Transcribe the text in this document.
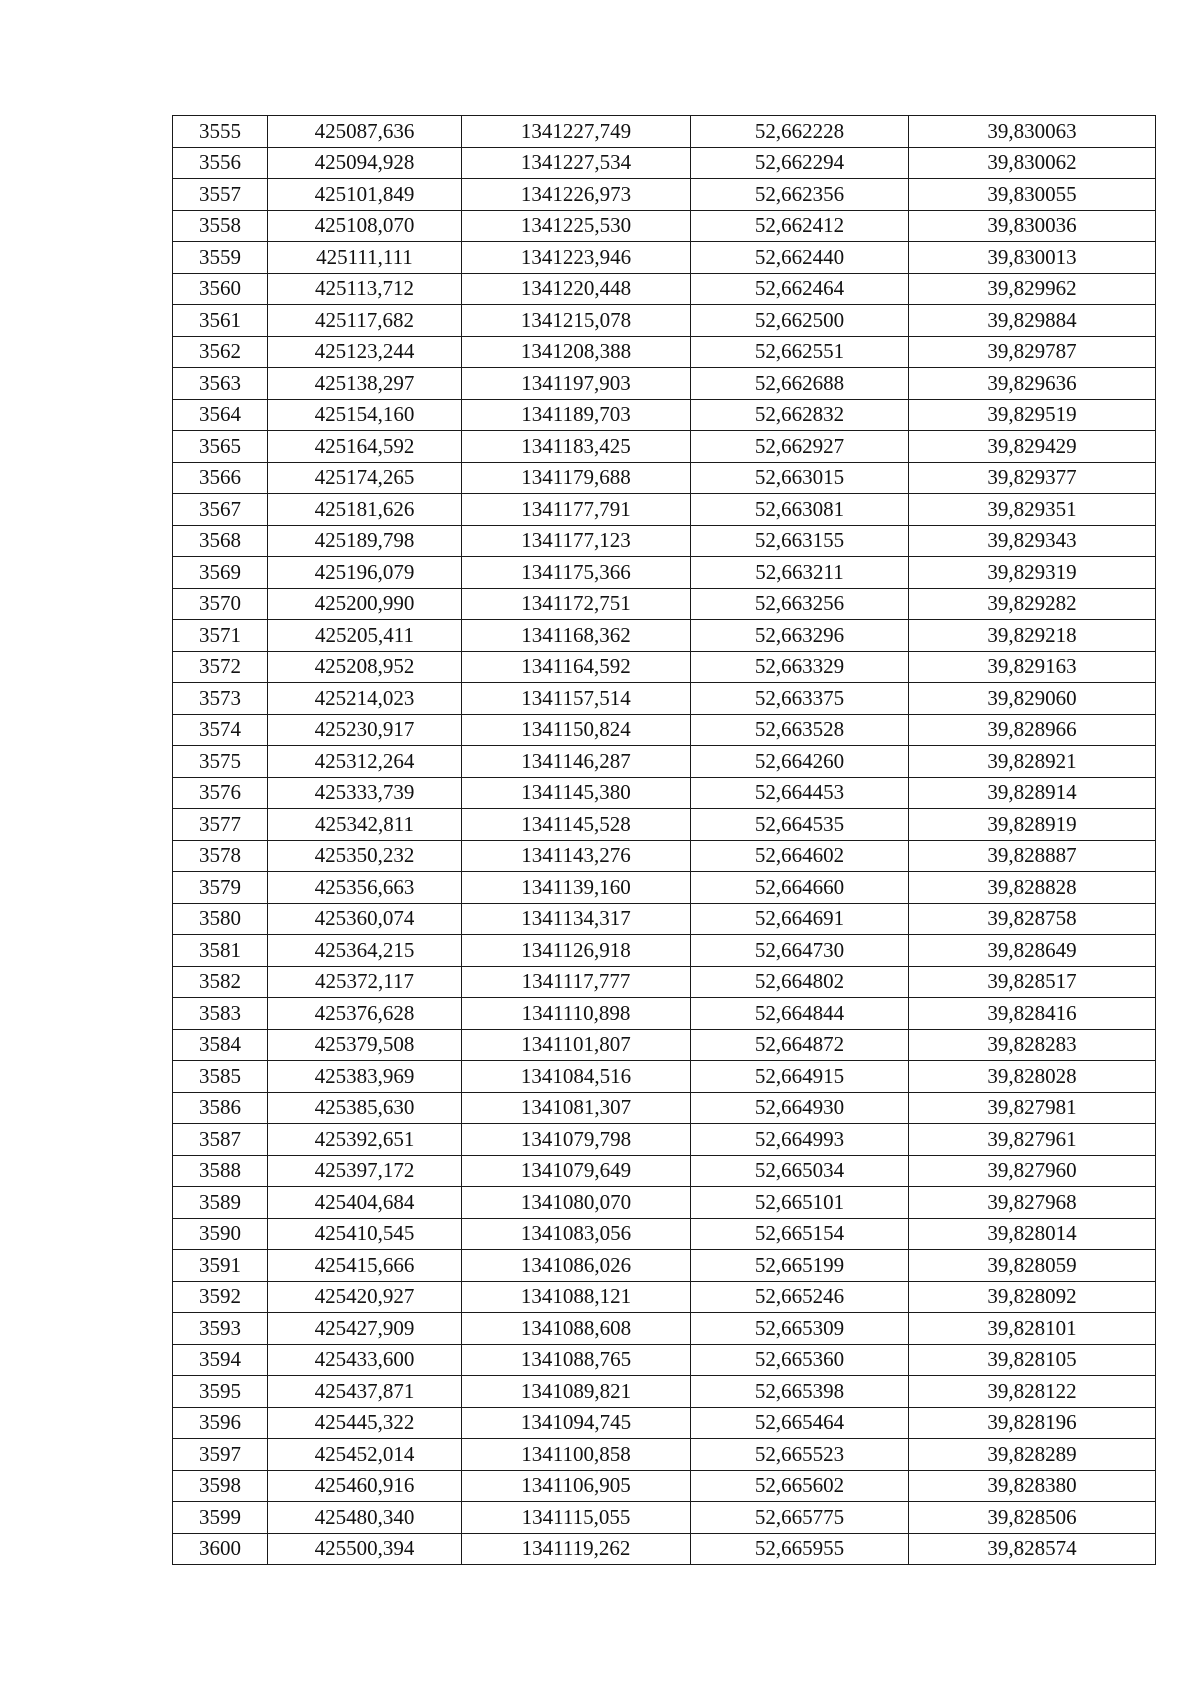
3555	425087,636	1341227,749	52,662228	39,830063
3556	425094,928	1341227,534	52,662294	39,830062
3557	425101,849	1341226,973	52,662356	39,830055
3558	425108,070	1341225,530	52,662412	39,830036
3559	425111,111	1341223,946	52,662440	39,830013
3560	425113,712	1341220,448	52,662464	39,829962
3561	425117,682	1341215,078	52,662500	39,829884
3562	425123,244	1341208,388	52,662551	39,829787
3563	425138,297	1341197,903	52,662688	39,829636
3564	425154,160	1341189,703	52,662832	39,829519
3565	425164,592	1341183,425	52,662927	39,829429
3566	425174,265	1341179,688	52,663015	39,829377
3567	425181,626	1341177,791	52,663081	39,829351
3568	425189,798	1341177,123	52,663155	39,829343
3569	425196,079	1341175,366	52,663211	39,829319
3570	425200,990	1341172,751	52,663256	39,829282
3571	425205,411	1341168,362	52,663296	39,829218
3572	425208,952	1341164,592	52,663329	39,829163
3573	425214,023	1341157,514	52,663375	39,829060
3574	425230,917	1341150,824	52,663528	39,828966
3575	425312,264	1341146,287	52,664260	39,828921
3576	425333,739	1341145,380	52,664453	39,828914
3577	425342,811	1341145,528	52,664535	39,828919
3578	425350,232	1341143,276	52,664602	39,828887
3579	425356,663	1341139,160	52,664660	39,828828
3580	425360,074	1341134,317	52,664691	39,828758
3581	425364,215	1341126,918	52,664730	39,828649
3582	425372,117	1341117,777	52,664802	39,828517
3583	425376,628	1341110,898	52,664844	39,828416
3584	425379,508	1341101,807	52,664872	39,828283
3585	425383,969	1341084,516	52,664915	39,828028
3586	425385,630	1341081,307	52,664930	39,827981
3587	425392,651	1341079,798	52,664993	39,827961
3588	425397,172	1341079,649	52,665034	39,827960
3589	425404,684	1341080,070	52,665101	39,827968
3590	425410,545	1341083,056	52,665154	39,828014
3591	425415,666	1341086,026	52,665199	39,828059
3592	425420,927	1341088,121	52,665246	39,828092
3593	425427,909	1341088,608	52,665309	39,828101
3594	425433,600	1341088,765	52,665360	39,828105
3595	425437,871	1341089,821	52,665398	39,828122
3596	425445,322	1341094,745	52,665464	39,828196
3597	425452,014	1341100,858	52,665523	39,828289
3598	425460,916	1341106,905	52,665602	39,828380
3599	425480,340	1341115,055	52,665775	39,828506
3600	425500,394	1341119,262	52,665955	39,828574
